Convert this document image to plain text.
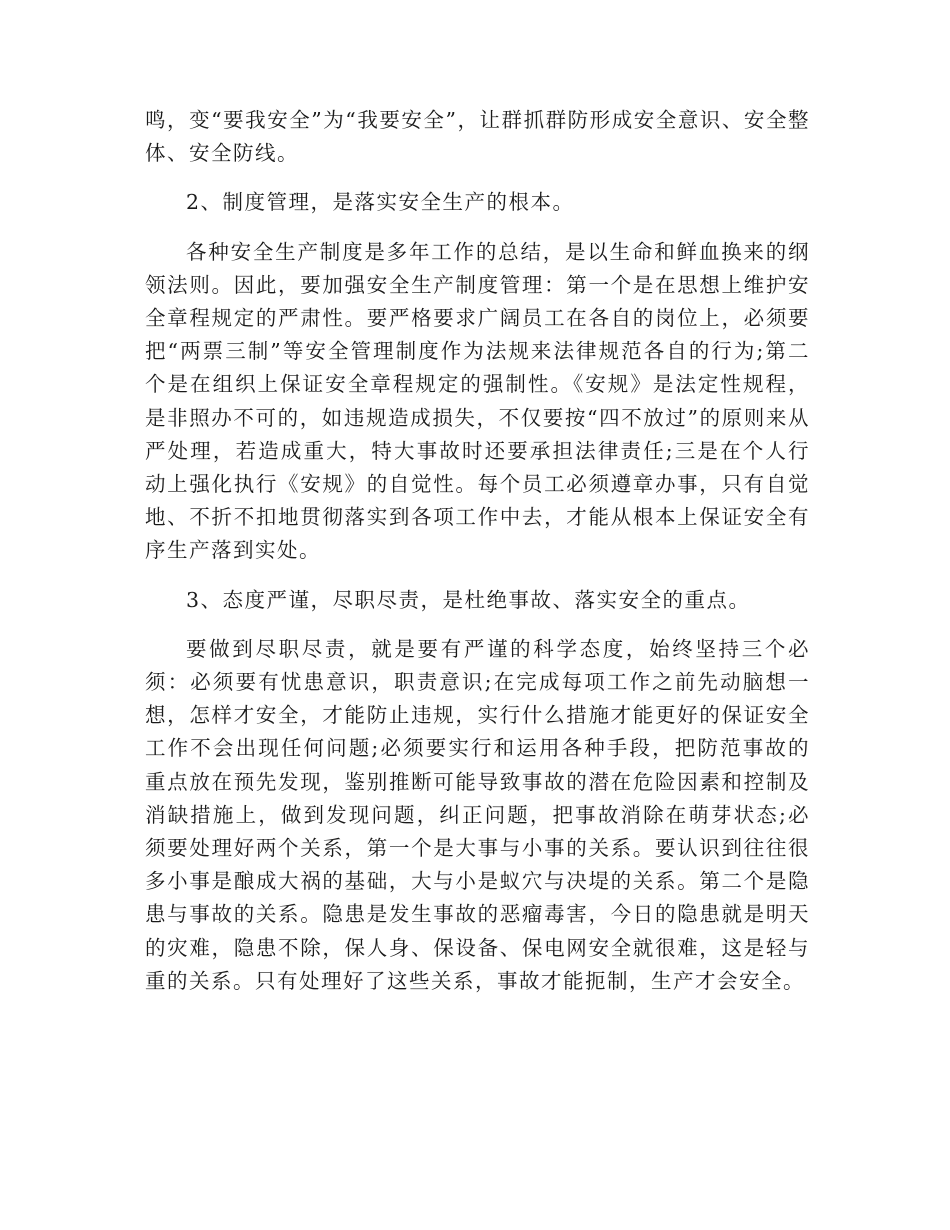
鸣，变“要我安全”为“我要安全”，让群抓群防形成安全意识、安全整体、安全防线。

2、制度管理，是落实安全生产的根本。

各种安全生产制度是多年工作的总结，是以生命和鲜血换来的纲领法则。因此，要加强安全生产制度管理：第一个是在思想上维护安全章程规定的严肃性。要严格要求广阔员工在各自的岗位上，必须要把“两票三制”等安全管理制度作为法规来法律规范各自的行为;第二个是在组织上保证安全章程规定的强制性。《安规》是法定性规程，是非照办不可的，如违规造成损失，不仅要按“四不放过”的原则来从严处理，若造成重大，特大事故时还要承担法律责任;三是在个人行动上强化执行《安规》的自觉性。每个员工必须遵章办事，只有自觉地、不折不扣地贯彻落实到各项工作中去，才能从根本上保证安全有序生产落到实处。

3、态度严谨，尽职尽责，是杜绝事故、落实安全的重点。

要做到尽职尽责，就是要有严谨的科学态度，始终坚持三个必须：必须要有忧患意识，职责意识;在完成每项工作之前先动脑想一想，怎样才安全，才能防止违规，实行什么措施才能更好的保证安全工作不会出现任何问题;必须要实行和运用各种手段，把防范事故的重点放在预先发现，鉴别推断可能导致事故的潜在危险因素和控制及消缺措施上，做到发现问题，纠正问题，把事故消除在萌芽状态;必须要处理好两个关系，第一个是大事与小事的关系。要认识到往往很多小事是酿成大祸的基础，大与小是蚁穴与决堤的关系。第二个是隐患与事故的关系。隐患是发生事故的恶瘤毒害，今日的隐患就是明天的灾难，隐患不除，保人身、保设备、保电网安全就很难，这是轻与重的关系。只有处理好了这些关系，事故才能扼制，生产才会安全。
